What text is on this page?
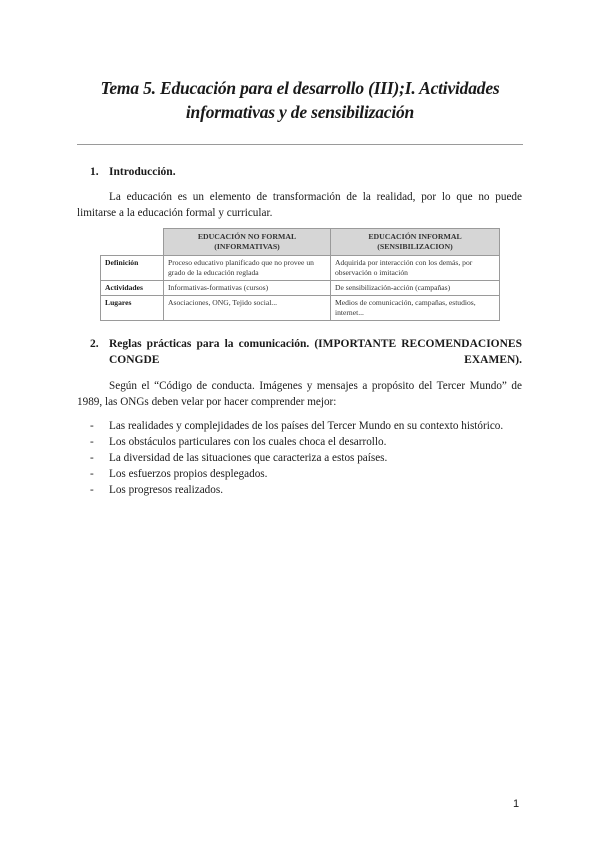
Tema 5. Educación para el desarrollo (III);I. Actividades
informativas y de sensibilización
1. Introducción.
La educación es un elemento de transformación de la realidad, por lo que no puede limitarse a la educación formal y curricular.
	EDUCACIÓN NO FORMAL (INFORMATIVAS)	EDUCACIÓN INFORMAL (SENSIBILIZACION)
Definición	Proceso educativo planificado que no provee un grado de la educación reglada	Adquirida por interacción con los demás, por observación o imitación
Actividades	Informativas-formativas (cursos)	De sensibilización-acción (campañas)
Lugares	Asociaciones, ONG, Tejido social...	Medios de comunicación, campañas, estudios, internet...
2. Reglas prácticas para la comunicación. (IMPORTANTE RECOMENDACIONES CONGDE EXAMEN).
Según el “Código de conducta. Imágenes y mensajes a propósito del Tercer Mundo” de 1989, las ONGs deben velar por hacer comprender mejor:
- Las realidades y complejidades de los países del Tercer Mundo en su contexto histórico.
- Los obstáculos particulares con los cuales choca el desarrollo.
- La diversidad de las situaciones que caracteriza a estos países.
- Los esfuerzos propios desplegados.
- Los progresos realizados.
1
